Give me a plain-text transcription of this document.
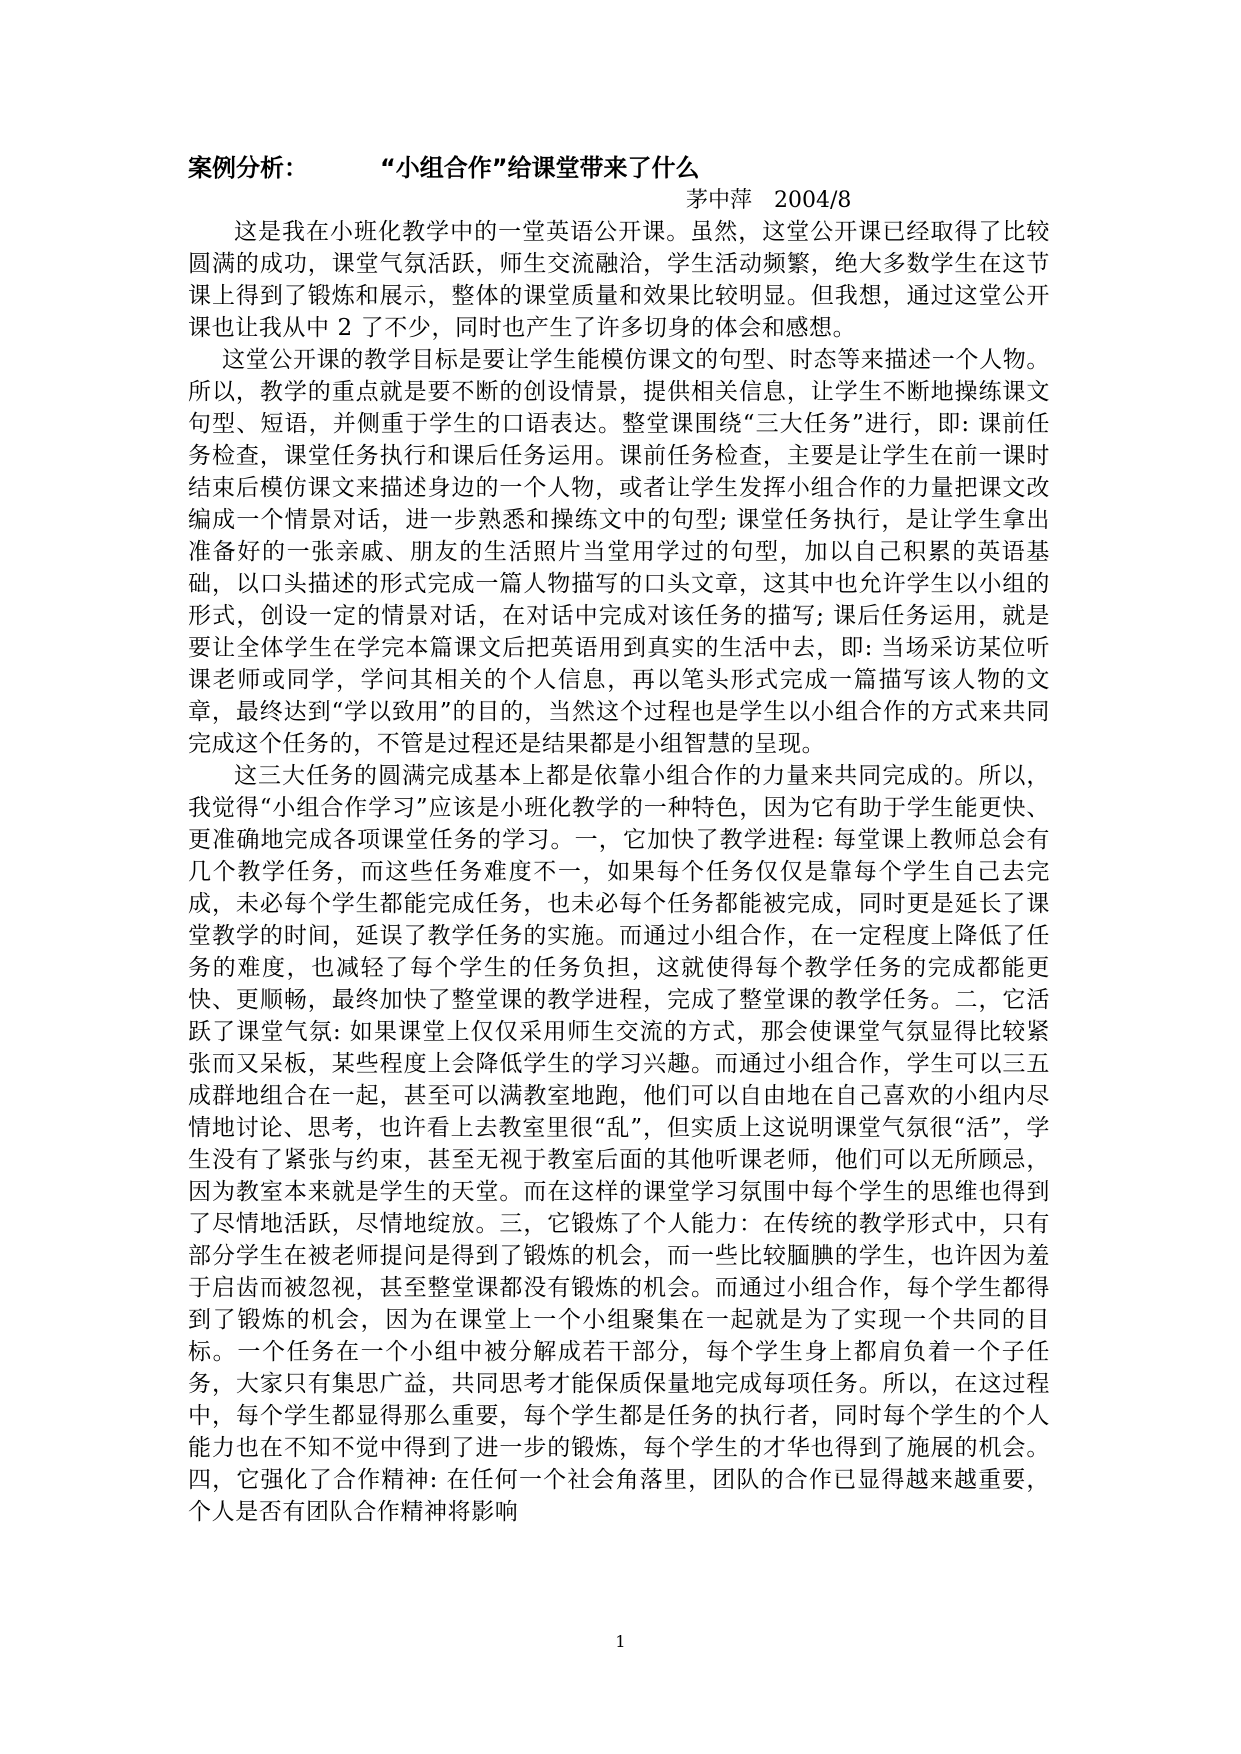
案例分析：	“小组合作”给课堂带来了什么
茅中萍 2004/8

这是我在小班化教学中的一堂英语公开课。虽然，这堂公开课已经取得了比较圆满的成功，课堂气氛活跃，师生交流融洽，学生活动频繁，绝大多数学生在这节课上得到了锻炼和展示，整体的课堂质量和效果比较明显。但我想，通过这堂公开课也让我从中 2 了不少，同时也产生了许多切身的体会和感想。

这堂公开课的教学目标是要让学生能模仿课文的句型、时态等来描述一个人物。所以，教学的重点就是要不断的创设情景，提供相关信息，让学生不断地操练课文句型、短语，并侧重于学生的口语表达。整堂课围绕“三大任务”进行，即: 课前任务检查，课堂任务执行和课后任务运用。课前任务检查，主要是让学生在前一课时结束后模仿课文来描述身边的一个人物，或者让学生发挥小组合作的力量把课文改编成一个情景对话，进一步熟悉和操练文中的句型; 课堂任务执行，是让学生拿出准备好的一张亲戚、朋友的生活照片当堂用学过的句型，加以自己积累的英语基础，以口头描述的形式完成一篇人物描写的口头文章，这其中也允许学生以小组的形式，创设一定的情景对话，在对话中完成对该任务的描写; 课后任务运用，就是要让全体学生在学完本篇课文后把英语用到真实的生活中去，即: 当场采访某位听课老师或同学，学问其相关的个人信息，再以笔头形式完成一篇描写该人物的文章，最终达到“学以致用”的目的，当然这个过程也是学生以小组合作的方式来共同完成这个任务的，不管是过程还是结果都是小组智慧的呈现。

这三大任务的圆满完成基本上都是依靠小组合作的力量来共同完成的。所以，我觉得“小组合作学习”应该是小班化教学的一种特色，因为它有助于学生能更快、更准确地完成各项课堂任务的学习。一，它加快了教学进程: 每堂课上教师总会有几个教学任务，而这些任务难度不一，如果每个任务仅仅是靠每个学生自己去完成，未必每个学生都能完成任务，也未必每个任务都能被完成，同时更是延长了课堂教学的时间，延误了教学任务的实施。而通过小组合作，在一定程度上降低了任务的难度，也减轻了每个学生的任务负担，这就使得每个教学任务的完成都能更快、更顺畅，最终加快了整堂课的教学进程，完成了整堂课的教学任务。二，它活跃了课堂气氛: 如果课堂上仅仅采用师生交流的方式，那会使课堂气氛显得比较紧张而又呆板，某些程度上会降低学生的学习兴趣。而通过小组合作，学生可以三五成群地组合在一起，甚至可以满教室地跑，他们可以自由地在自己喜欢的小组内尽情地讨论、思考，也许看上去教室里很“乱”，但实质上这说明课堂气氛很“活”，学生没有了紧张与约束，甚至无视于教室后面的其他听课老师，他们可以无所顾忌，因为教室本来就是学生的天堂。而在这样的课堂学习氛围中每个学生的思维也得到了尽情地活跃，尽情地绽放。三，它锻炼了个人能力：在传统的教学形式中，只有部分学生在被老师提问是得到了锻炼的机会，而一些比较腼腆的学生，也许因为羞于启齿而被忽视，甚至整堂课都没有锻炼的机会。而通过小组合作，每个学生都得到了锻炼的机会，因为在课堂上一个小组聚集在一起就是为了实现一个共同的目标。一个任务在一个小组中被分解成若干部分，每个学生身上都肩负着一个子任务，大家只有集思广益，共同思考才能保质保量地完成每项任务。所以，在这过程中，每个学生都显得那么重要，每个学生都是任务的执行者，同时每个学生的个人能力也在不知不觉中得到了进一步的锻炼，每个学生的才华也得到了施展的机会。四，它强化了合作精神: 在任何一个社会角落里，团队的合作已显得越来越重要，个人是否有团队合作精神将影响

1
